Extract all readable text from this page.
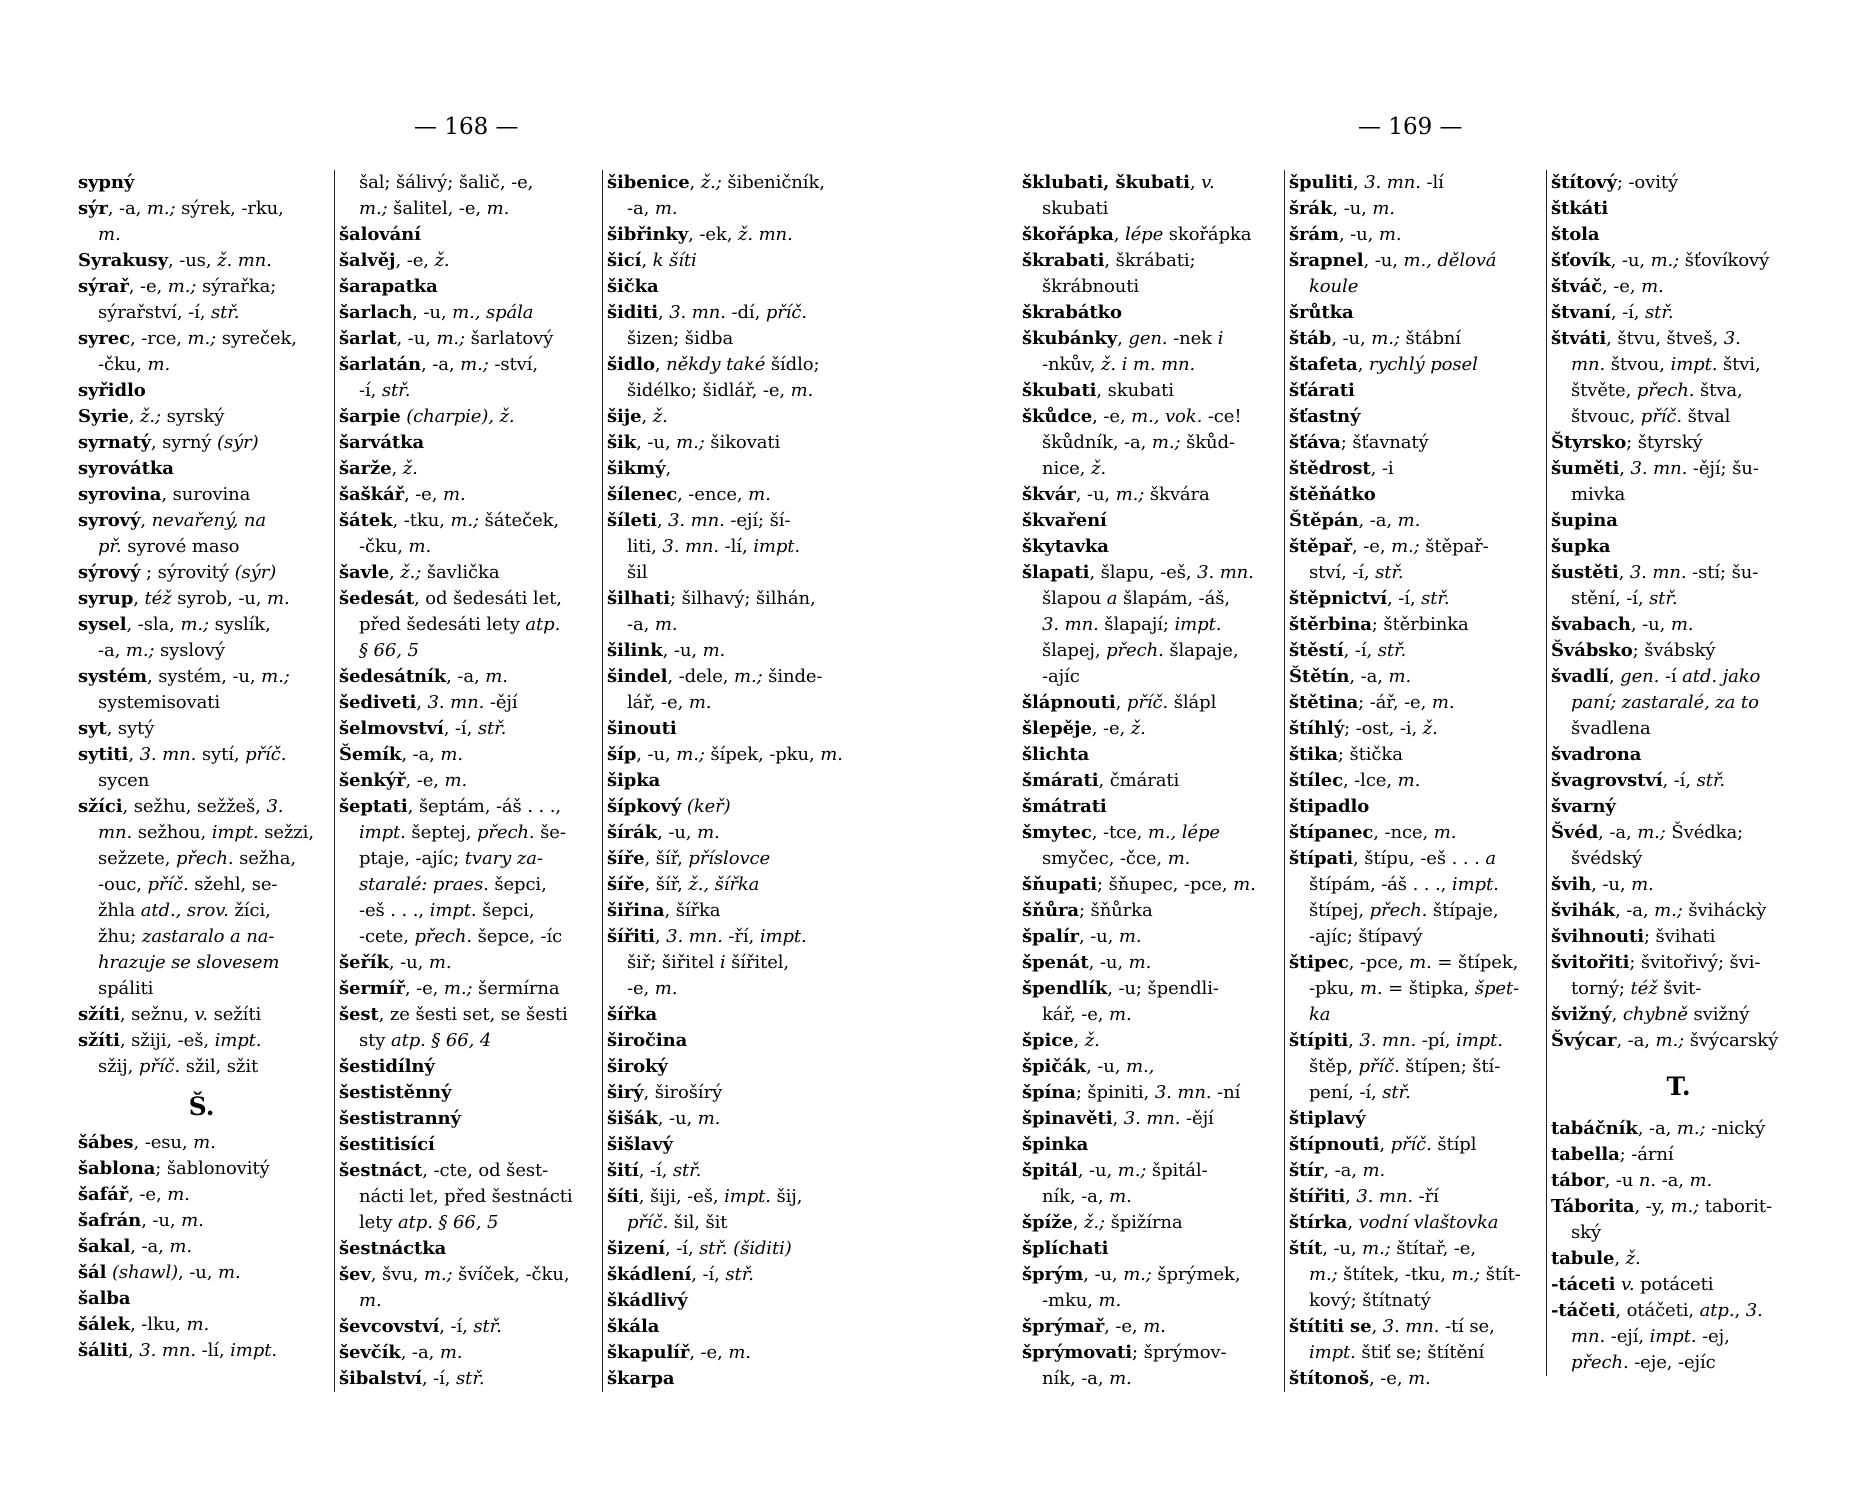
— 168 —
sypný
sýr, -a, m.; sýrek, -rku,
m.
Syrakusy, -us, ž. mn.
sýrař, -e, m.; sýrařka;
sýrařství, -í, stř.
syrec, -rce, m.; syreček,
-čku, m.
syřidlo
Syrie, ž.; syrský
syrnatý, syrný (sýr)
syrovátka
syrovina, surovina
syrový, nevařený, na
př. syrové maso
sýrový ; sýrovitý (sýr)
syrup, též syrob, -u, m.
sysel, -sla, m.; syslík,
-a, m.; syslový
systém, systém, -u, m.;
systemisovati
syt, sytý
sytiti, 3. mn. sytí, příč.
sycen
sžíci, sežhu, sežžeš, 3.
mn. sežhou, impt. sežzi,
sežzete, přech. sežha,
-ouc, příč. sžehl, se-
žhla atd., srov. žíci,
žhu; zastaralo a na-
hrazuje se slovesem
spáliti
sžíti, sežnu, v. sežíti
sžíti, sžiji, -eš, impt.
sžij, příč. sžil, sžit
Š.
šábes, -esu, m.
šablona; šablonovitý
šafář, -e, m.
šafrán, -u, m.
šakal, -a, m.
šál (shawl), -u, m.
šalba
šálek, -lku, m.
šáliti, 3. mn. -lí, impt.
šal; šálivý; šalič, -e,
m.; šalitel, -e, m.
šalování
šalvěj, -e, ž.
šarapatka
šarlach, -u, m., spála
šarlat, -u, m.; šarlatový
šarlatán, -a, m.; -ství,
-í, stř.
šarpie (charpie), ž.
šarvátka
šarže, ž.
šaškář, -e, m.
šátek, -tku, m.; šáteček,
-čku, m.
šavle, ž.; šavlička
šedesát, od šedesáti let,
před šedesáti lety atp.
§ 66, 5
šedesátník, -a, m.
šediveti, 3. mn. -ějí
šelmovství, -í, stř.
Šemík, -a, m.
šenkýř, -e, m.
šeptati, šeptám, -áš . . .,
impt. šeptej, přech. še-
ptaje, -ajíc; tvary za-
staralé: praes. šepci,
-eš . . ., impt. šepci,
-cete, přech. šepce, -íc
šeřík, -u, m.
šermíř, -e, m.; šermírna
šest, ze šesti set, se šesti
sty atp. § 66, 4
šestidílný
šestistěnný
šestistranný
šestitisící
šestnáct, -cte, od šest-
nácti let, před šestnácti
lety atp. § 66, 5
šestnáctka
šev, švu, m.; švíček, -čku,
m.
ševcovství, -í, stř.
ševčík, -a, m.
šibalství, -í, stř.
šibenice, ž.; šibeničník,
-a, m.
šibřinky, -ek, ž. mn.
šicí, k šíti
šička
šiditi, 3. mn. -dí, příč.
šizen; šidba
šidlo, někdy také šídlo;
šidélko; šidlář, -e, m.
šije, ž.
šik, -u, m.; šikovati
šikmý,
šílenec, -ence, m.
šíleti, 3. mn. -ejí; ší-
liti, 3. mn. -lí, impt.
šil
šilhati; šilhavý; šilhán,
-a, m.
šilink, -u, m.
šindel, -dele, m.; šinde-
lář, -e, m.
šinouti
šíp, -u, m.; šípek, -pku, m.
šipka
šípkový (keř)
šírák, -u, m.
šíře, šíř, příslovce
šíře, šíř, ž., šířka
šiřina, šířka
šířiti, 3. mn. -ří, impt.
šiř; šiřitel i šířitel,
-e, m.
šířka
širočina
široký
širý, širošírý
šišák, -u, m.
šišlavý
šití, -í, stř.
šíti, šiji, -eš, impt. šij,
příč. šil, šit
šizení, -í, stř. (šiditi)
škádlení, -í, stř.
škádlivý
škála
škapulíř, -e, m.
škarpa
— 169 —
šklubati, škubati, v.
skubati
škořápka, lépe skořápka
škrabati, škrábati;
škrábnouti
škrabátko
škubánky, gen. -nek i
-nkův, ž. i m. mn.
škubati, skubati
škůdce, -e, m., vok. -ce!
škůdník, -a, m.; škůd-
nice, ž.
škvár, -u, m.; škvára
škvaření
škytavka
šlapati, šlapu, -eš, 3. mn.
šlapou a šlapám, -áš,
3. mn. šlapají; impt.
šlapej, přech. šlapaje,
-ajíc
šlápnouti, příč. šlápl
šlepěje, -e, ž.
šlichta
šmárati, čmárati
šmátrati
šmytec, -tce, m., lépe
smyčec, -čce, m.
šňupati; šňupec, -pce, m.
šňůra; šňůrka
špalír, -u, m.
špenát, -u, m.
špendlík, -u; špendli-
kář, -e, m.
špice, ž.
špičák, -u, m.,
špína; špiniti, 3. mn. -ní
špinavěti, 3. mn. -ějí
špinka
špitál, -u, m.; špitál-
ník, -a, m.
špíže, ž.; špižírna
šplíchati
šprým, -u, m.; šprýmek,
-mku, m.
šprýmař, -e, m.
šprýmovati; šprýmov-
ník, -a, m.
špuliti, 3. mn. -lí
šrák, -u, m.
šrám, -u, m.
šrapnel, -u, m., dělová
koule
šrůtka
štáb, -u, m.; štábní
štafeta, rychlý posel
šťárati
šťastný
šťáva; šťavnatý
štědrost, -i
štěňátko
Štěpán, -a, m.
štěpař, -e, m.; štěpař-
ství, -í, stř.
štěpnictví, -í, stř.
štěrbina; štěrbinka
štěstí, -í, stř.
Štětín, -a, m.
štětina; -ář, -e, m.
štíhlý; -ost, -i, ž.
štika; štička
štílec, -lce, m.
štipadlo
štípanec, -nce, m.
štípati, štípu, -eš . . . a
štípám, -áš . . ., impt.
štípej, přech. štípaje,
-ajíc; štípavý
štipec, -pce, m. = štípek,
-pku, m. = štipka, špet-
ka
štípiti, 3. mn. -pí, impt.
štěp, příč. štípen; ští-
pení, -í, stř.
štiplavý
štípnouti, příč. štípl
štír, -a, m.
štířiti, 3. mn. -ří
štírka, vodní vlaštovka
štít, -u, m.; štítař, -e,
m.; štítek, -tku, m.; štít-
kový; štítnatý
štítiti se, 3. mn. -tí se,
impt. štiť se; štítění
štítonoš, -e, m.
štítový; -ovitý
štkáti
štola
šťovík, -u, m.; šťovíkový
štváč, -e, m.
štvaní, -í, stř.
štváti, štvu, štveš, 3.
mn. štvou, impt. štvi,
štvěte, přech. štva,
štvouc, příč. štval
Štyrsko; štyrský
šuměti, 3. mn. -ějí; šu-
mivka
šupina
šupka
šustěti, 3. mn. -stí; šu-
stění, -í, stř.
švabach, -u, m.
Švábsko; švábský
švadlí, gen. -í atd. jako
paní; zastaralé, za to
švadlena
švadrona
švagrovství, -í, stř.
švarný
Švéd, -a, m.; Švédka;
švédský
švih, -u, m.
švihák, -a, m.; šviháckỳ
švihnouti; švihati
švitořiti; švitořivý; švi-
torný; též švit-
švižný, chybně svižný
Švýcar, -a, m.; švýcarský
T.
tabáčník, -a, m.; -nický
tabella; -ární
tábor, -u n. -a, m.
Táborita, -y, m.; taborit-
ský
tabule, ž.
-táceti v. potáceti
-táčeti, otáčeti, atp., 3.
mn. -ejí, impt. -ej,
přech. -eje, -ejíc
